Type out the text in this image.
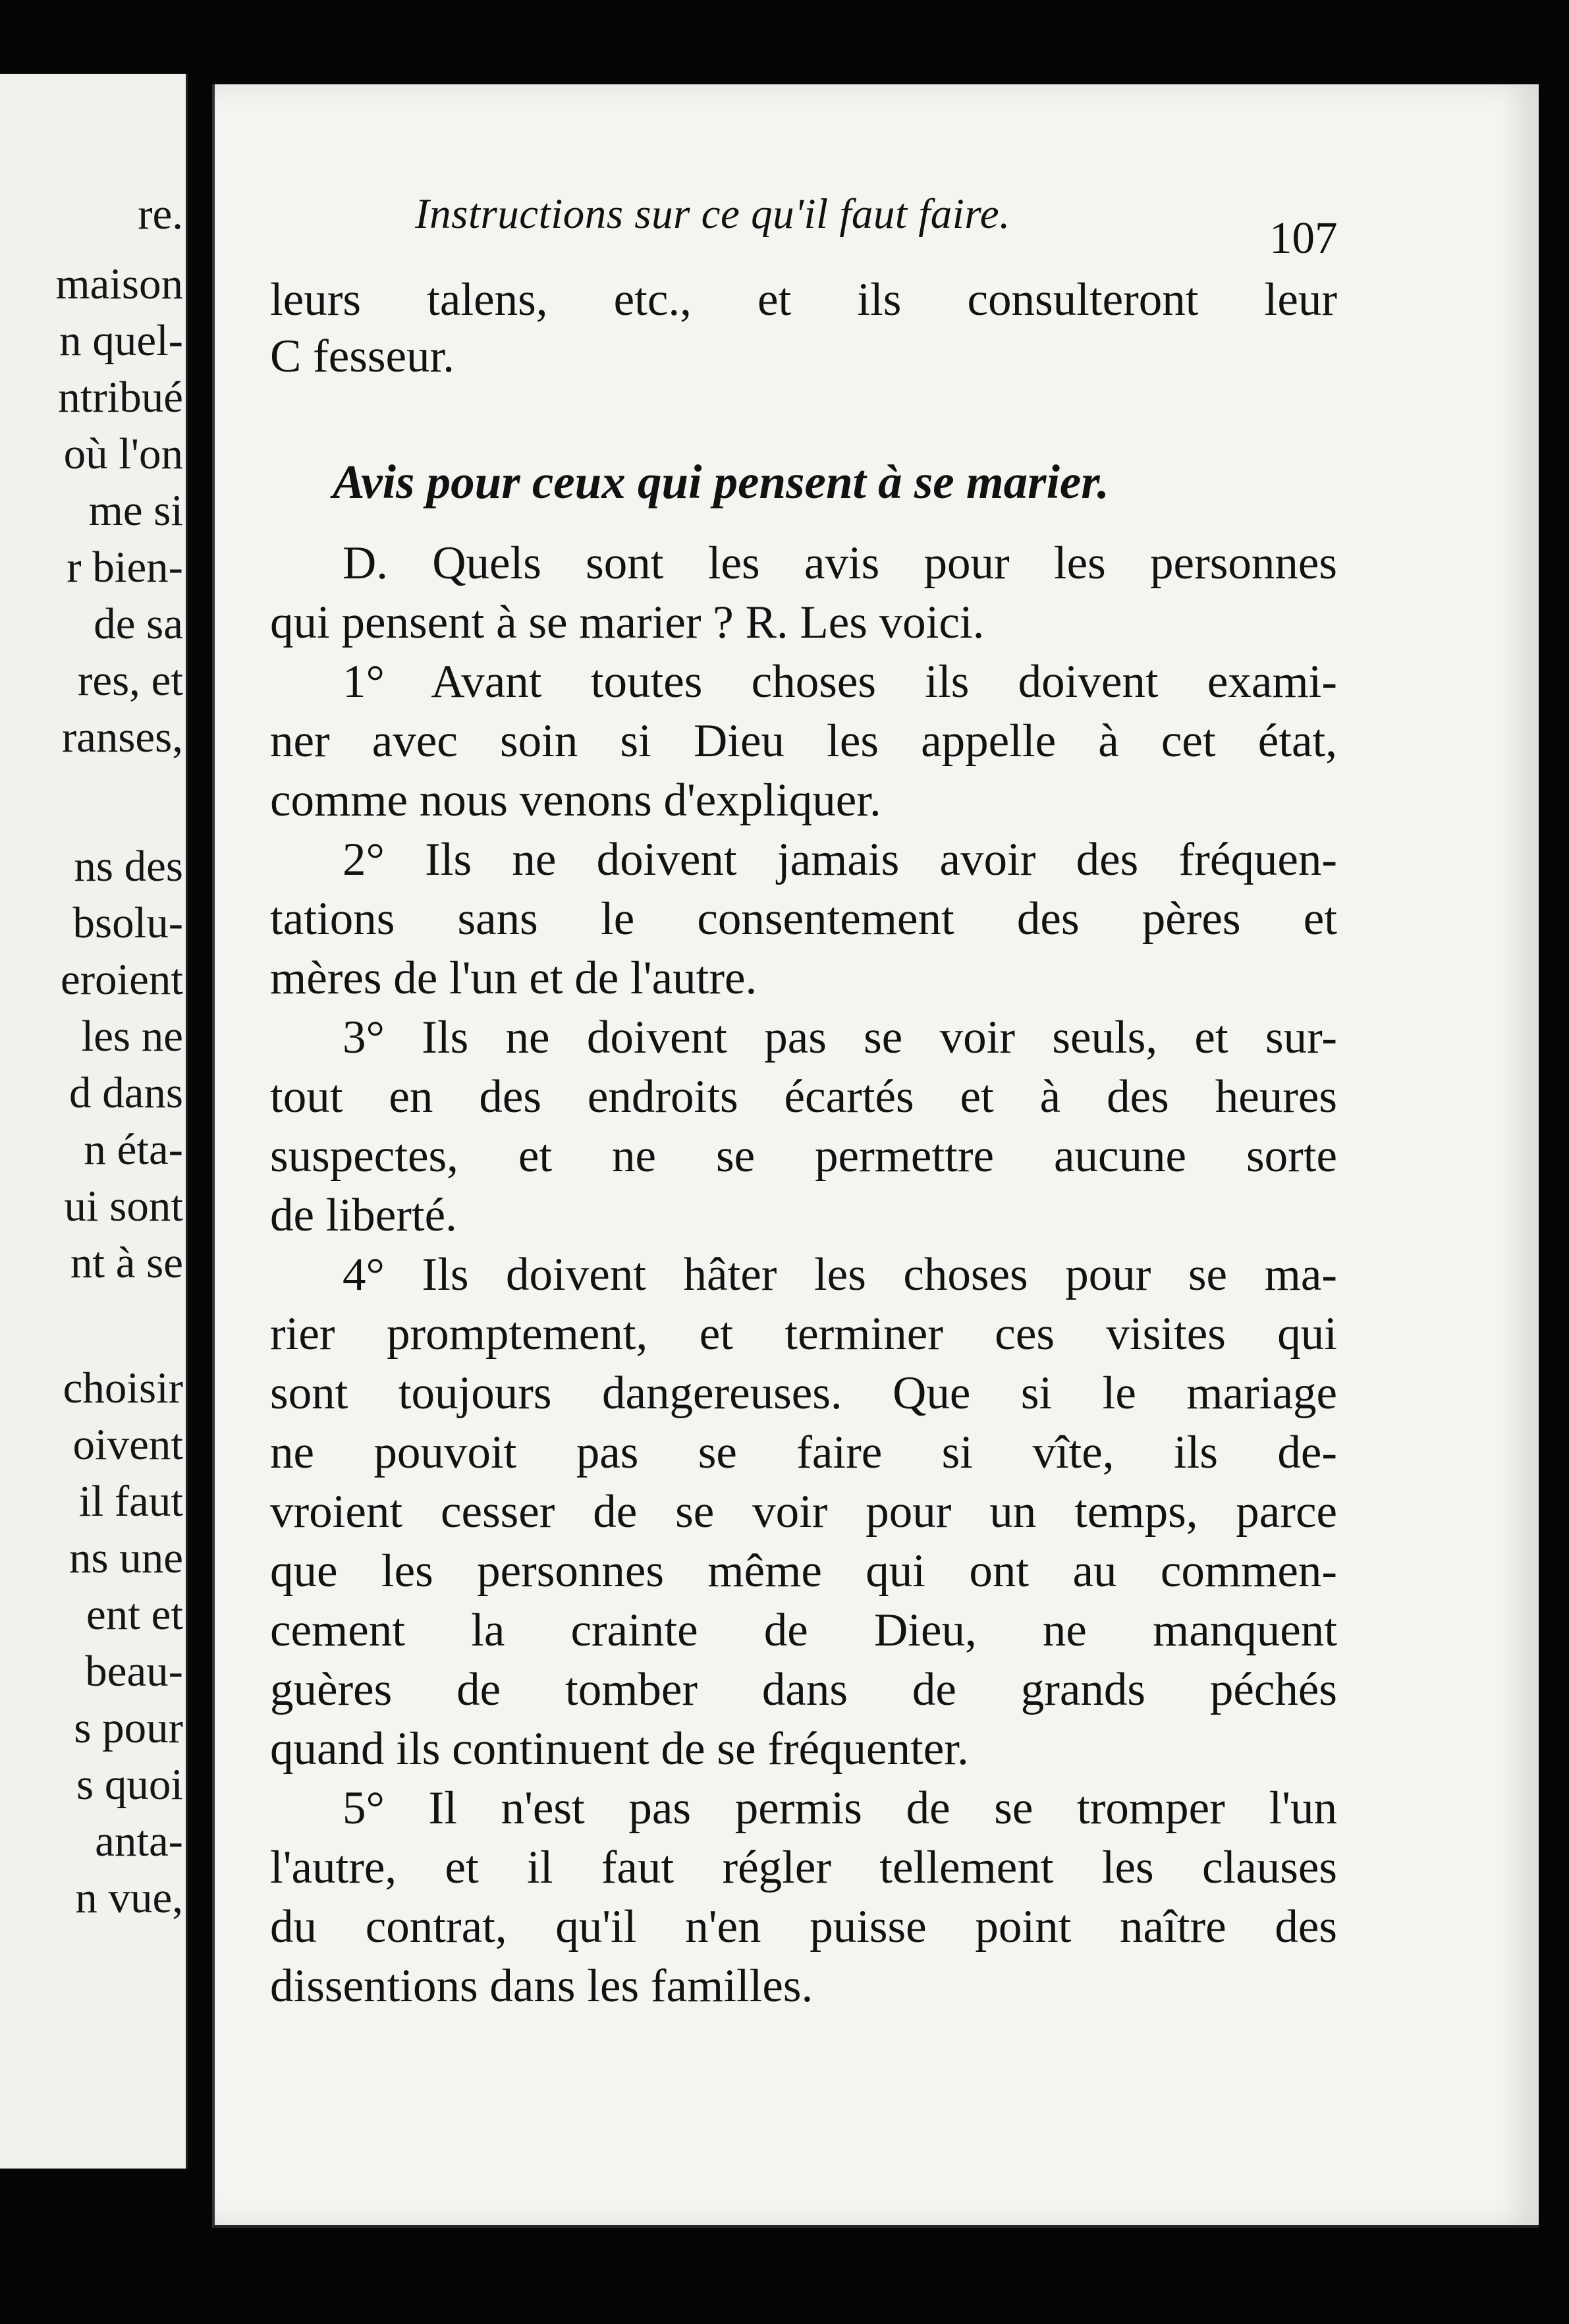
re.
maison
n quel-
ntribué
où l'on
me si
r bien-
de sa
res, et
ranses,
ns des
bsolu-
eroient
les ne
d dans
n éta-
ui sont
nt à se
choisir
oivent
il faut
ns une
ent et
beau-
s pour
s quoi
anta-
n vue,
Instructions sur ce qu'il faut faire.	107
leurs talens, etc., et ils consulteront leur
C fesseur.
Avis pour ceux qui pensent à se marier.
D. Quels sont les avis pour les personnes
qui pensent à se marier ? R. Les voici.
1° Avant toutes choses ils doivent exami-
ner avec soin si Dieu les appelle à cet état,
comme nous venons d'expliquer.
2° Ils ne doivent jamais avoir des fréquen-
tations sans le consentement des pères et
mères de l'un et de l'autre.
3° Ils ne doivent pas se voir seuls, et sur-
tout en des endroits écartés et à des heures
suspectes, et ne se permettre aucune sorte
de liberté.
4° Ils doivent hâter les choses pour se ma-
rier promptement, et terminer ces visites qui
sont toujours dangereuses. Que si le mariage
ne pouvoit pas se faire si vîte, ils de-
vroient cesser de se voir pour un temps, parce
que les personnes même qui ont au commen-
cement la crainte de Dieu, ne manquent
guères de tomber dans de grands péchés
quand ils continuent de se fréquenter.
5° Il n'est pas permis de se tromper l'un
l'autre, et il faut régler tellement les clauses
du contrat, qu'il n'en puisse point naître des
dissentions dans les familles.
